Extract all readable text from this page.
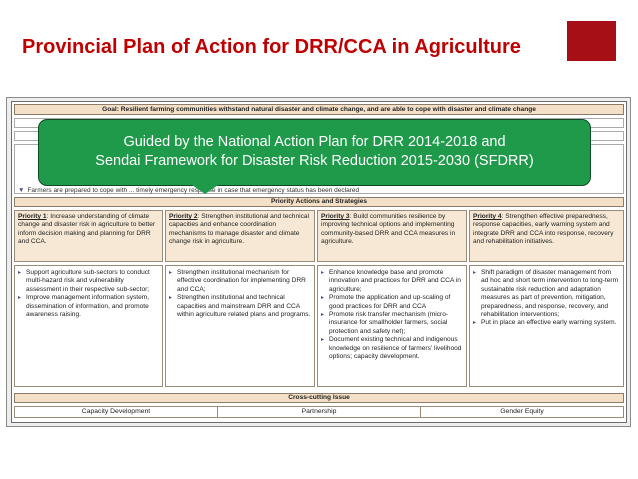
Provincial Plan of Action for DRR/CCA in Agriculture
Goal: Resilient farming communities withstand natural disaster and climate change, and are able to cope with disaster and climate change
▼ Farmers are prepared to cope with ... timely emergency response in case that emergency status has been declared
Priority Actions and Strategies
Priority 1: Increase understanding of climate change and disaster risk in agriculture to better inform decision making and planning for DRR and CCA.
Priority 2: Strengthen institutional and technical capacities and enhance coordination mechanisms to manage disaster and climate change risk in agriculture.
Priority 3: Build communities resilience by improving technical options and implementing community-based DRR and CCA measures in agriculture.
Priority 4: Strengthen effective preparedness, response capacities, early warning system and integrate DRR and CCA into response, recovery and rehabilitation initiatives.
▸ Support agriculture sub-sectors to conduct multi-hazard risk and vulnerability assessment in their respective sub-sector;
▸ Improve management information system, dissemination of information, and promote awareness raising.
▸ Strengthen institutional mechanism for effective coordination for implementing DRR and CCA;
▸ Strengthen institutional and technical capacities and mainstream DRR and CCA within agriculture related plans and programs.
▸ Enhance knowledge base and promote innovation and practices for DRR and CCA in agriculture;
▸ Promote the application and up-scaling of good practices for DRR and CCA
▸ Promote risk transfer mechanism (micro-insurance for smallholder farmers, social protection and safety net);
▸ Document existing technical and indigenous knowledge on resilience of farmers' livelihood options; capacity development.
▸ Shift paradigm of disaster management from ad hoc and short term intervention to long-term sustainable risk reduction and adaptation measures as part of prevention, mitigation, preparedness, and response, recovery, and rehabilitation interventions;
▸ Put in place an effective early warning system.
Cross-cutting Issue
Capacity Development	Partnership	Gender Equity
Guided by the National Action Plan for DRR 2014-2018 and
Sendai Framework for Disaster Risk Reduction 2015-2030 (SFDRR)
